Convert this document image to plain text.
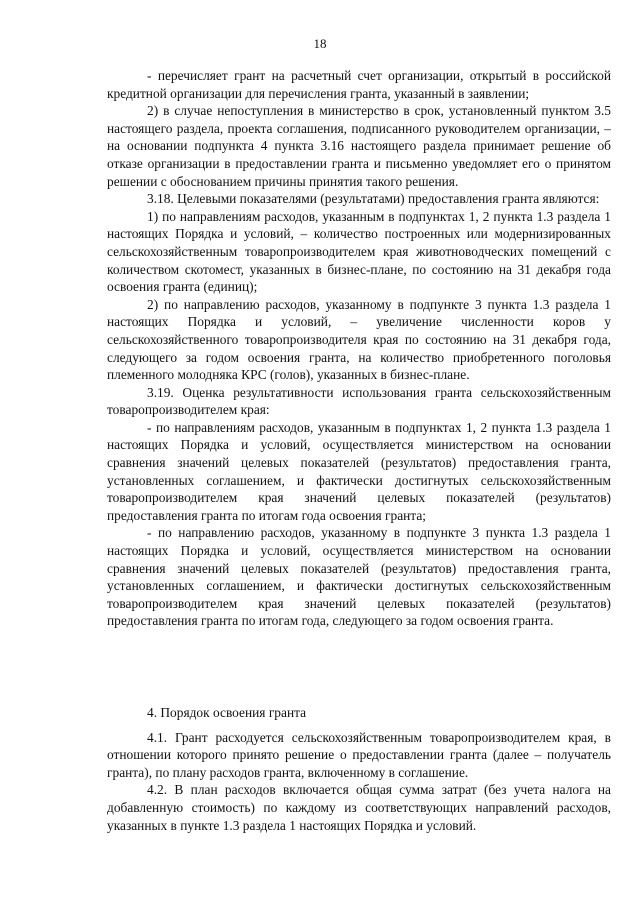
18

- перечисляет грант на расчетный счет организации, открытый в российской кредитной организации для перечисления гранта, указанный в заявлении;

2) в случае непоступления в министерство в срок, установленный пунктом 3.5 настоящего раздела, проекта соглашения, подписанного руководителем организации, – на основании подпункта 4 пункта 3.16 настоящего раздела принимает решение об отказе организации в предоставлении гранта и письменно уведомляет его о принятом решении с обоснованием причины принятия такого решения.

3.18. Целевыми показателями (результатами) предоставления гранта являются:

1) по направлениям расходов, указанным в подпунктах 1, 2 пункта 1.3 раздела 1 настоящих Порядка и условий, – количество построенных или модернизированных сельскохозяйственным товаропроизводителем края животноводческих помещений с количеством скотомест, указанных в бизнес-плане, по состоянию на 31 декабря года освоения гранта (единиц);

2) по направлению расходов, указанному в подпункте 3 пункта 1.3 раздела 1 настоящих Порядка и условий, – увеличение численности коров у сельскохозяйственного товаропроизводителя края по состоянию на 31 декабря года, следующего за годом освоения гранта, на количество приобретенного поголовья племенного молодняка КРС (голов), указанных в бизнес-плане.

3.19. Оценка результативности использования гранта сельскохозяйственным товаропроизводителем края:

- по направлениям расходов, указанным в подпунктах 1, 2 пункта 1.3 раздела 1 настоящих Порядка и условий, осуществляется министерством на основании сравнения значений целевых показателей (результатов) предоставления гранта, установленных соглашением, и фактически достигнутых сельскохозяйственным товаропроизводителем края значений целевых показателей (результатов) предоставления гранта по итогам года освоения гранта;

- по направлению расходов, указанному в подпункте 3 пункта 1.3 раздела 1 настоящих Порядка и условий, осуществляется министерством на основании сравнения значений целевых показателей (результатов) предоставления гранта, установленных соглашением, и фактически достигнутых сельскохозяйственным товаропроизводителем края значений целевых показателей (результатов) предоставления гранта по итогам года, следующего за годом освоения гранта.

4. Порядок освоения гранта

4.1. Грант расходуется сельскохозяйственным товаропроизводителем края, в отношении которого принято решение о предоставлении гранта (далее – получатель гранта), по плану расходов гранта, включенному в соглашение.

4.2. В план расходов включается общая сумма затрат (без учета налога на добавленную стоимость) по каждому из соответствующих направлений расходов, указанных в пункте 1.3 раздела 1 настоящих Порядка и условий.
